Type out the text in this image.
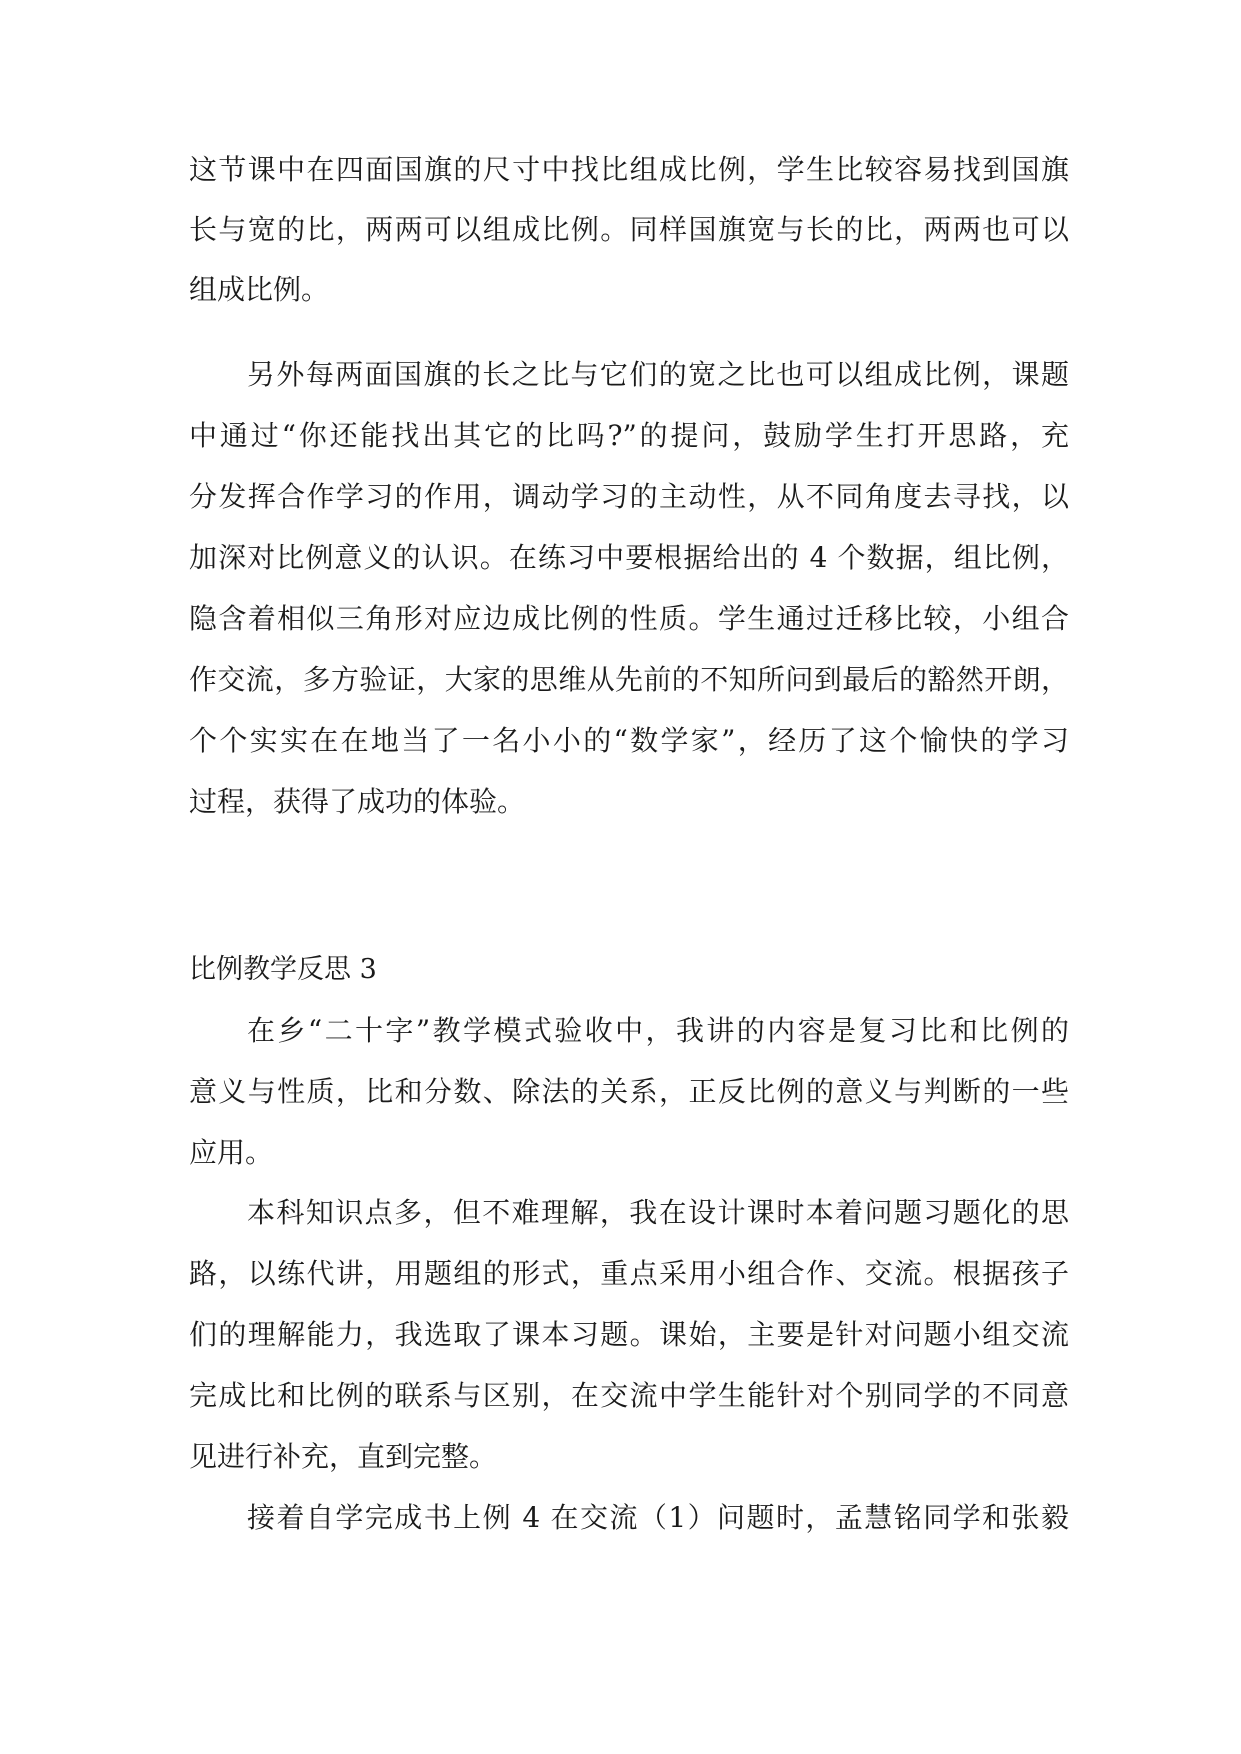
这节课中在四面国旗的尺寸中找比组成比例，学生比较容易找到国旗
长与宽的比，两两可以组成比例。同样国旗宽与长的比，两两也可以
组成比例。
另外每两面国旗的长之比与它们的宽之比也可以组成比例，课题
中通过“你还能找出其它的比吗?”的提问，鼓励学生打开思路，充
分发挥合作学习的作用，调动学习的主动性，从不同角度去寻找，以
加深对比例意义的认识。在练习中要根据给出的 4 个数据，组比例，
隐含着相似三角形对应边成比例的性质。学生通过迁移比较，小组合
作交流，多方验证，大家的思维从先前的不知所问到最后的豁然开朗，
个个实实在在地当了一名小小的“数学家”，经历了这个愉快的学习
过程，获得了成功的体验。
比例教学反思 3
在乡“二十字”教学模式验收中，我讲的内容是复习比和比例的
意义与性质，比和分数、除法的关系，正反比例的意义与判断的一些
应用。
本科知识点多，但不难理解，我在设计课时本着问题习题化的思
路，以练代讲，用题组的形式，重点采用小组合作、交流。根据孩子
们的理解能力，我选取了课本习题。课始，主要是针对问题小组交流
完成比和比例的联系与区别，在交流中学生能针对个别同学的不同意
见进行补充，直到完整。
接着自学完成书上例 4 在交流（1）问题时，孟慧铭同学和张毅
